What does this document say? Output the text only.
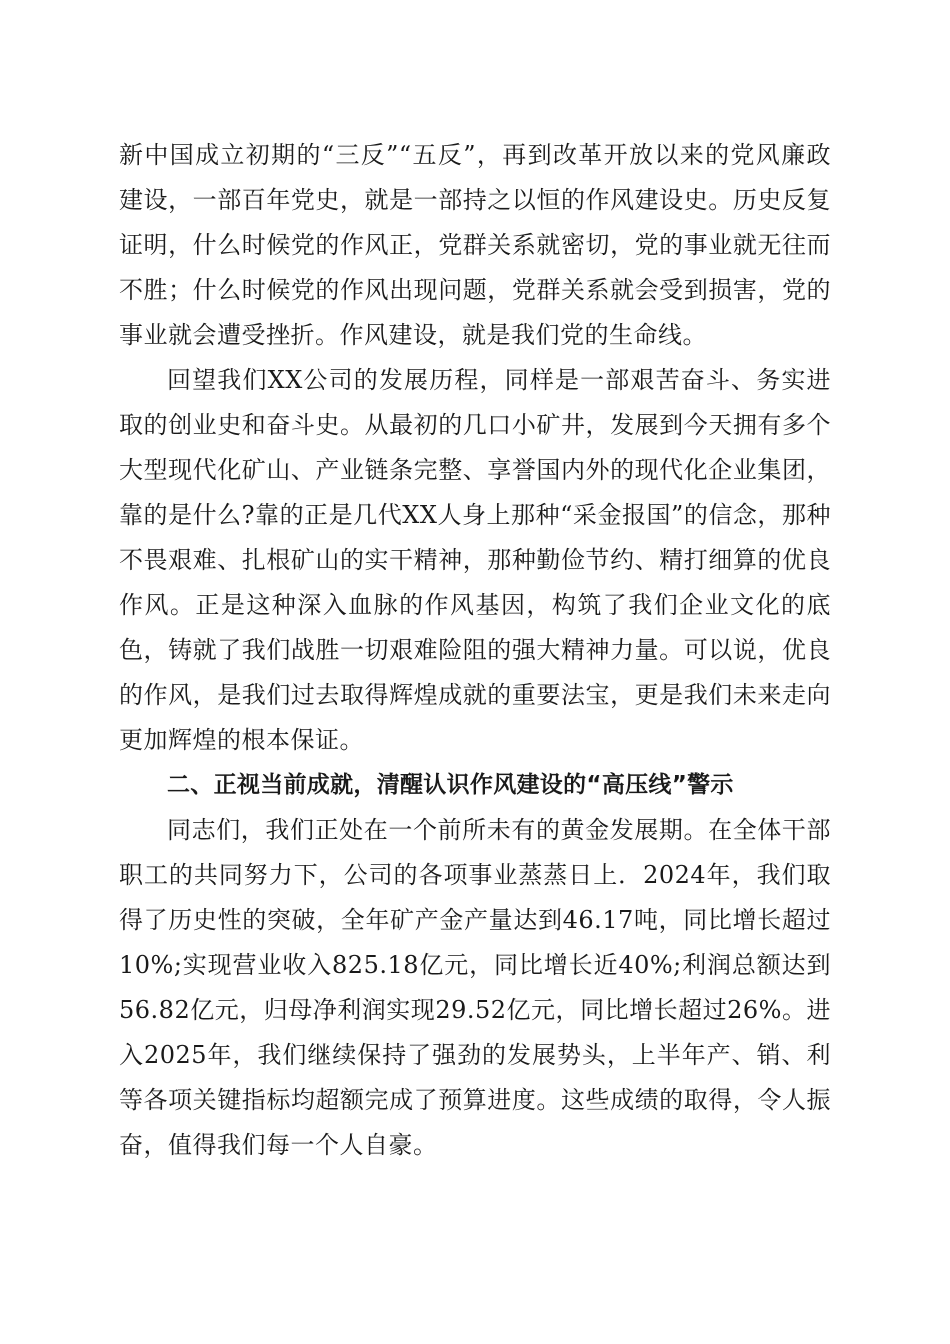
新中国成立初期的“三反”“五反”，再到改革开放以来的党风廉政建设，一部百年党史，就是一部持之以恒的作风建设史。历史反复证明，什么时候党的作风正，党群关系就密切，党的事业就无往而不胜；什么时候党的作风出现问题，党群关系就会受到损害，党的事业就会遭受挫折。作风建设，就是我们党的生命线。

回望我们XX公司的发展历程，同样是一部艰苦奋斗、务实进取的创业史和奋斗史。从最初的几口小矿井，发展到今天拥有多个大型现代化矿山、产业链条完整、享誉国内外的现代化企业集团，靠的是什么?靠的正是几代XX人身上那种“采金报国”的信念，那种不畏艰难、扎根矿山的实干精神，那种勤俭节约、精打细算的优良作风。正是这种深入血脉的作风基因，构筑了我们企业文化的底色，铸就了我们战胜一切艰难险阻的强大精神力量。可以说，优良的作风，是我们过去取得辉煌成就的重要法宝，更是我们未来走向更加辉煌的根本保证。

二、正视当前成就，清醒认识作风建设的“高压线”警示

同志们，我们正处在一个前所未有的黄金发展期。在全体干部职工的共同努力下，公司的各项事业蒸蒸日上．2024年，我们取得了历史性的突破，全年矿产金产量达到46.17吨，同比增长超过10%;实现营业收入825.18亿元，同比增长近40%;利润总额达到56.82亿元，归母净利润实现29.52亿元，同比增长超过26%。进入2025年，我们继续保持了强劲的发展势头，上半年产、销、利等各项关键指标均超额完成了预算进度。这些成绩的取得，令人振奋，值得我们每一个人自豪。
